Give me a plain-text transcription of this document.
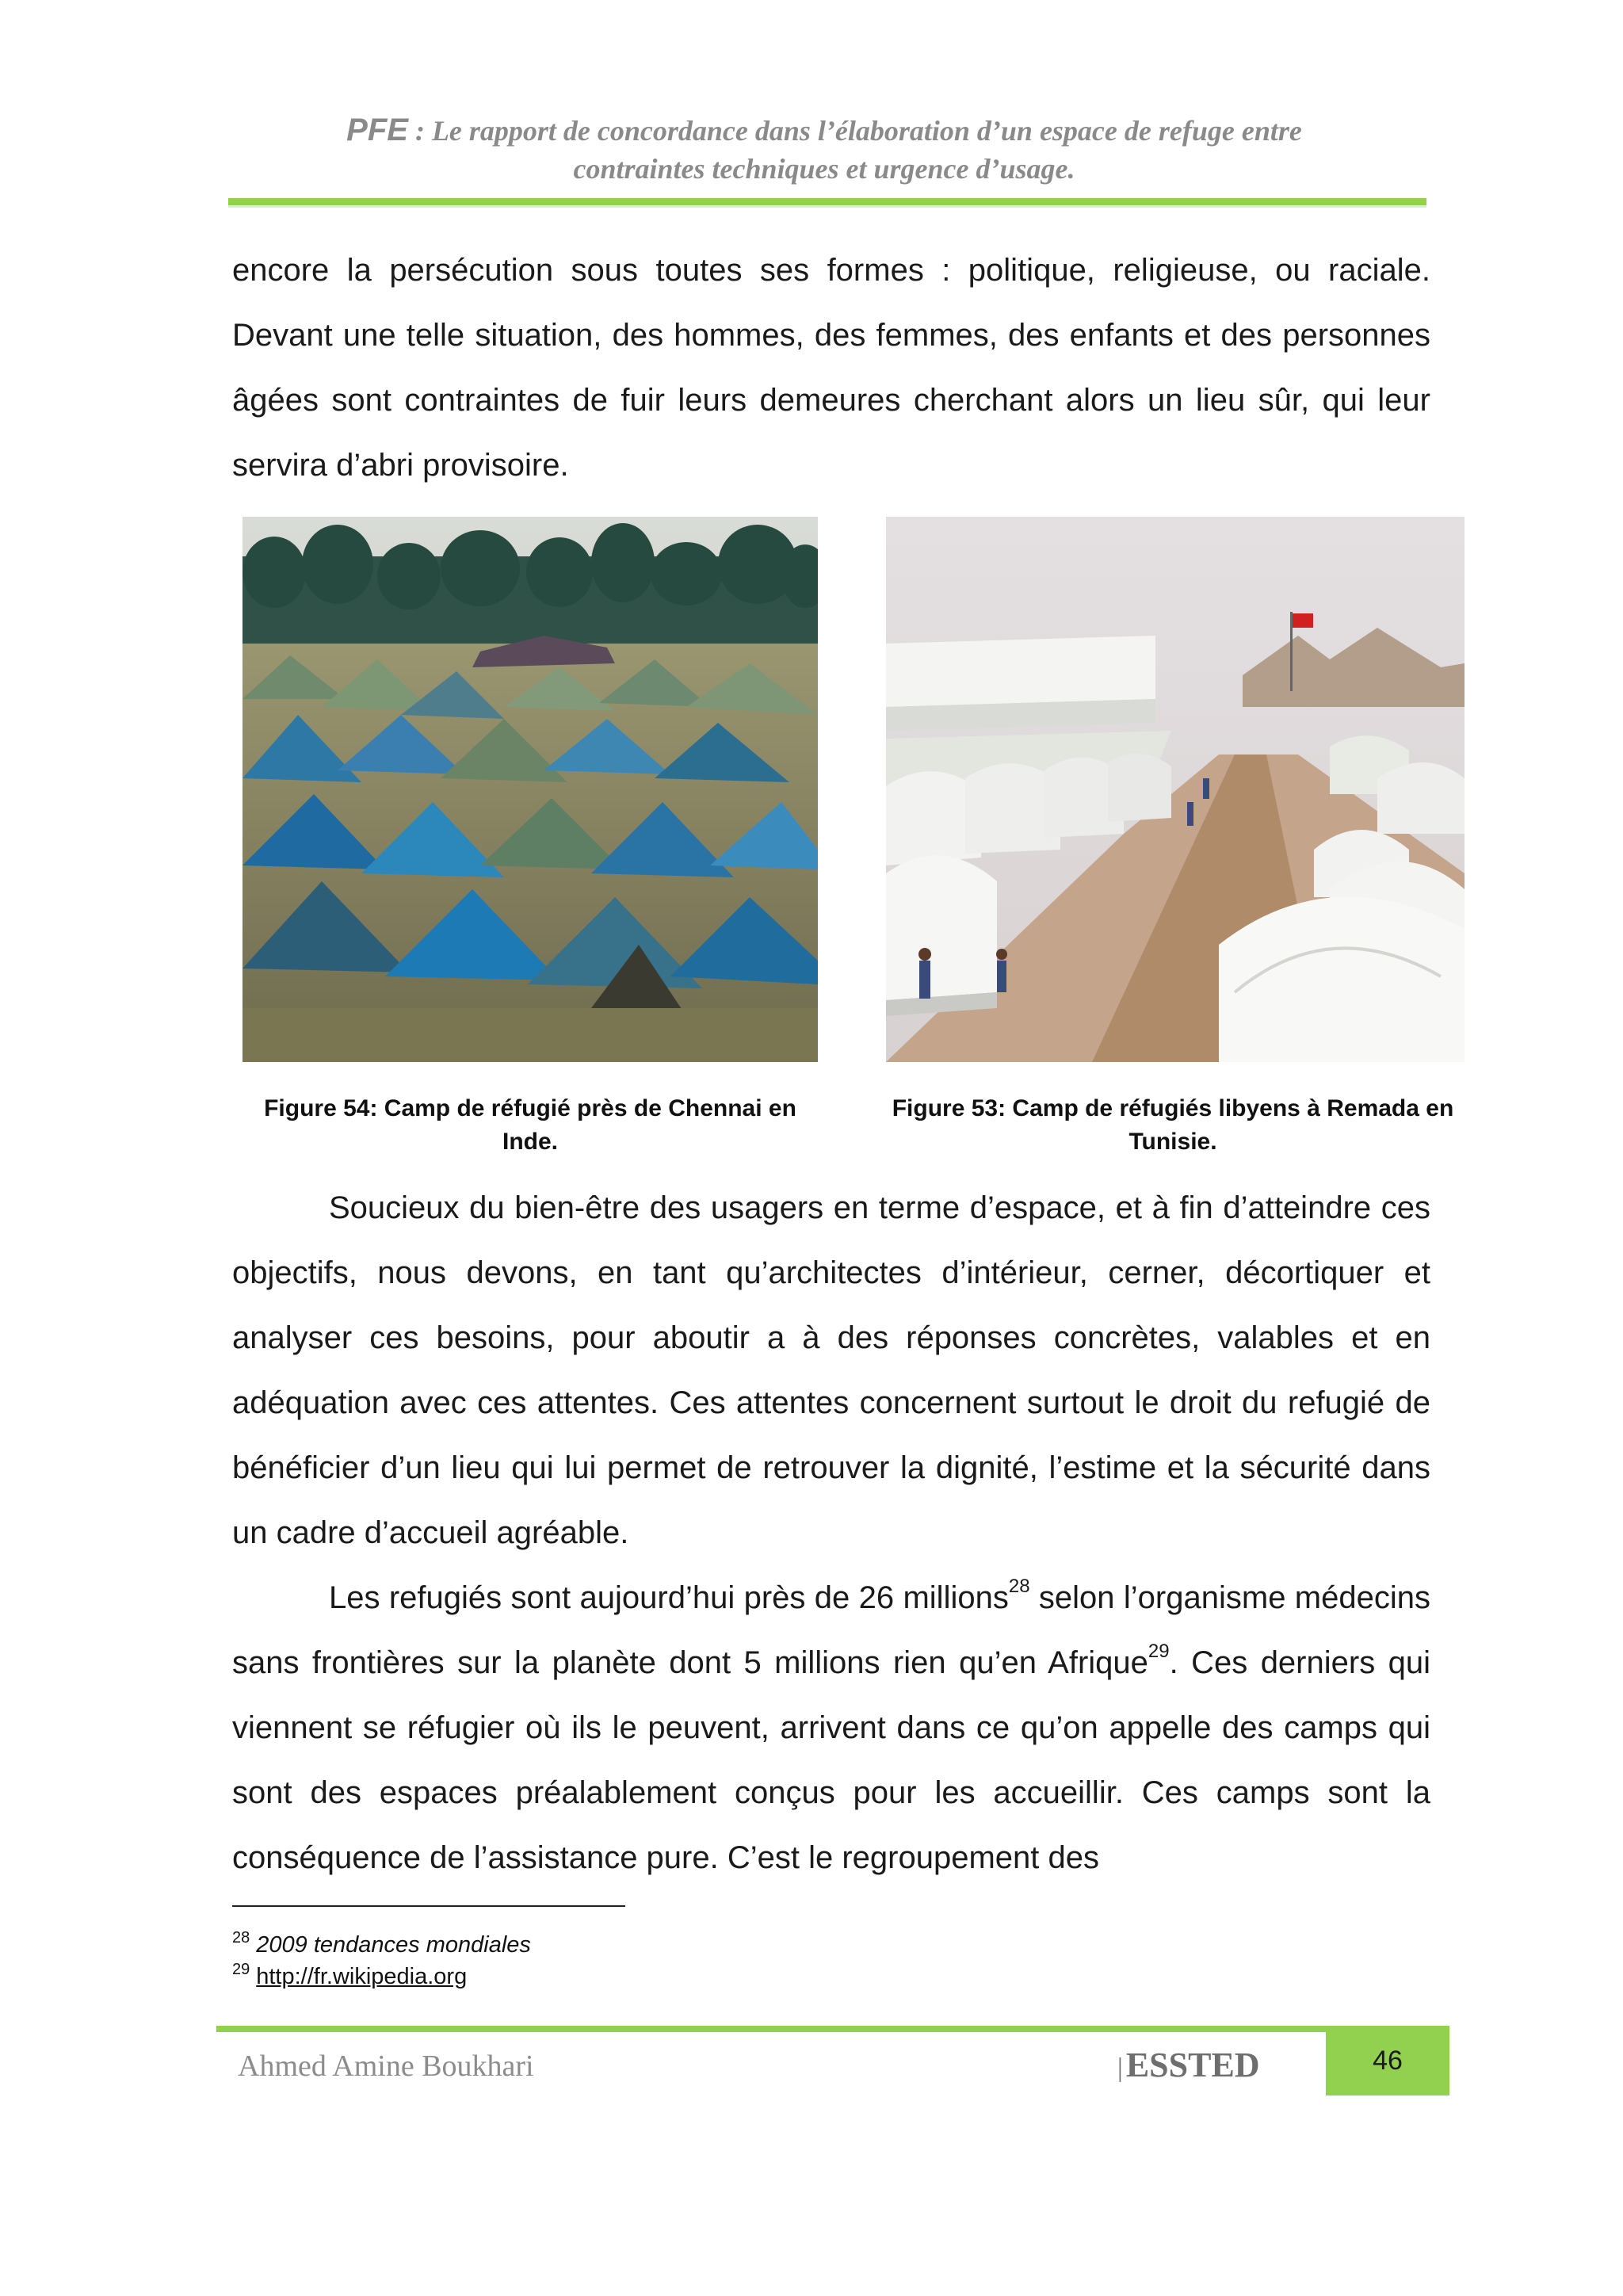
PFE : Le rapport de concordance dans l’élaboration d’un espace de refuge entre
contraintes techniques et urgence d’usage.

encore la persécution sous toutes ses formes : politique, religieuse, ou raciale. Devant une telle situation, des hommes, des femmes, des enfants et des personnes âgées sont contraintes de fuir leurs demeures cherchant alors un lieu sûr, qui leur servira d’abri provisoire.

Figure 54: Camp de réfugié près de Chennai en Inde.
Figure 53: Camp de réfugiés libyens à Remada en Tunisie.

Soucieux du bien-être des usagers en terme d’espace, et à fin d’atteindre ces objectifs, nous devons, en tant qu’architectes d’intérieur, cerner, décortiquer et analyser ces besoins, pour aboutir a à des réponses concrètes, valables et en adéquation avec ces attentes. Ces attentes concernent surtout le droit du refugié de bénéficier d’un lieu qui lui permet de retrouver la dignité, l’estime et la sécurité dans un cadre d’accueil agréable.

Les refugiés sont aujourd’hui près de 26 millions$^{28}$ selon l’organisme médecins sans frontières sur la planète dont 5 millions rien qu’en Afrique$^{29}$. Ces derniers qui viennent se réfugier où ils le peuvent, arrivent dans ce qu’on appelle des camps qui sont des espaces préalablement conçus pour les accueillir. Ces camps sont la conséquence de l’assistance pure. C’est le regroupement des

$^{28}$ 2009 tendances mondiales
$^{29}$ http://fr.wikipedia.org
Ahmed Amine Boukhari	|ESSTED	46
